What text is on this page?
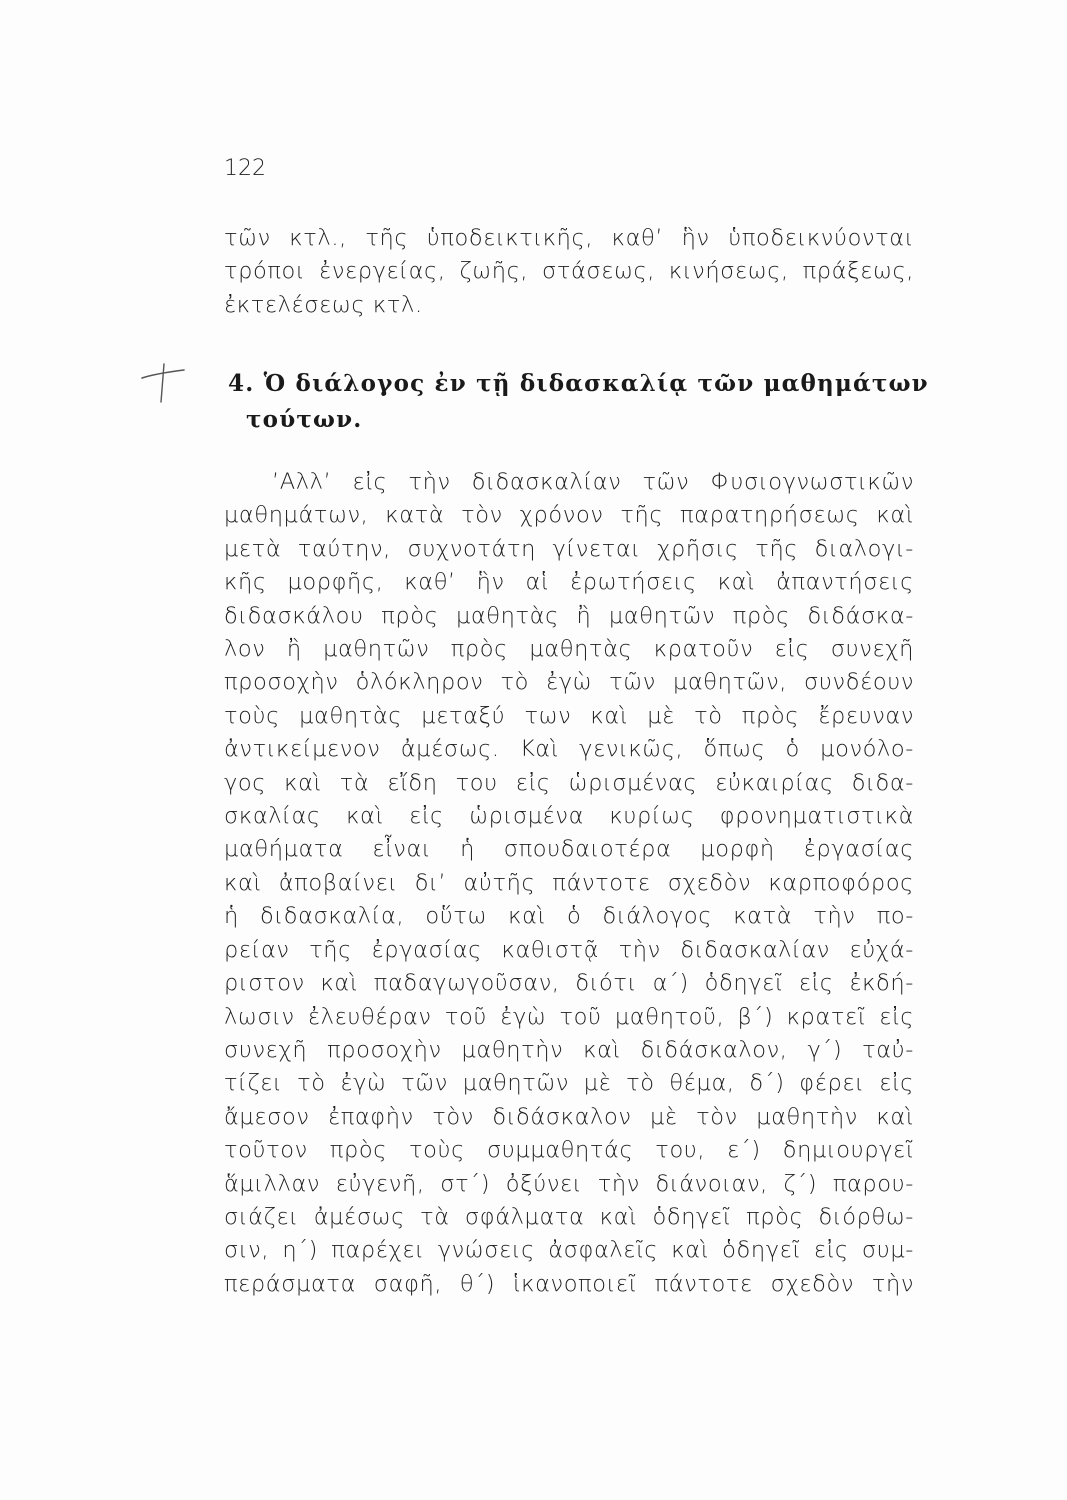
122
τῶν κτλ., τῆς ὑποδεικτικῆς, καθ’ ἣν ὑποδεικνύονται
τρόποι ἐνεργείας, ζωῆς, στάσεως, κινήσεως, πράξεως,
ἐκτελέσεως κτλ.
4. Ὁ διάλογος ἐν τῇ διδασκαλίᾳ τῶν μαθημάτων
τούτων.
’Αλλ’ εἰς τὴν διδασκαλίαν τῶν Φυσιογνωστικῶν
μαθημάτων, κατὰ τὸν χρόνον τῆς παρατηρήσεως καὶ
μετὰ ταύτην, συχνοτάτη γίνεται χρῆσις τῆς διαλογι-
κῆς μορφῆς, καθ’ ἣν αἱ ἐρωτήσεις καὶ ἀπαντήσεις
διδασκάλου πρὸς μαθητὰς ἢ μαθητῶν πρὸς διδάσκα-
λον ἢ μαθητῶν πρὸς μαθητὰς κρατοῦν εἰς συνεχῆ
προσοχὴν ὁλόκληρον τὸ ἐγὼ τῶν μαθητῶν, συνδέουν
τοὺς μαθητὰς μεταξύ των καὶ μὲ τὸ πρὸς ἔρευναν
ἀντικείμενον ἀμέσως. Καὶ γενικῶς, ὅπως ὁ μονόλο-
γος καὶ τὰ εἴδη του εἰς ὡρισμένας εὐκαιρίας διδα-
σκαλίας καὶ εἰς ὡρισμένα κυρίως φρονηματιστικὰ
μαθήματα εἶναι ἡ σπουδαιοτέρα μορφὴ ἐργασίας
καὶ ἀποβαίνει δι’ αὐτῆς πάντοτε σχεδὸν καρποφόρος
ἡ διδασκαλία, οὕτω καὶ ὁ διάλογος κατὰ τὴν πο-
ρείαν τῆς ἐργασίας καθιστᾷ τὴν διδασκαλίαν εὐχά-
ριστον καὶ παδαγωγοῦσαν, διότι α΄) ὁδηγεῖ εἰς ἐκδή-
λωσιν ἐλευθέραν τοῦ ἐγὼ τοῦ μαθητοῦ, β΄) κρατεῖ εἰς
συνεχῆ προσοχὴν μαθητὴν καὶ διδάσκαλον, γ΄) ταὐ-
τίζει τὸ ἐγὼ τῶν μαθητῶν μὲ τὸ θέμα, δ΄) φέρει εἰς
ἄμεσον ἐπαφὴν τὸν διδάσκαλον μὲ τὸν μαθητὴν καὶ
τοῦτον πρὸς τοὺς συμμαθητάς του, ε΄) δημιουργεῖ
ἅμιλλαν εὐγενῆ, στ΄) ὀξύνει τὴν διάνοιαν, ζ΄) παρου-
σιάζει ἀμέσως τὰ σφάλματα καὶ ὁδηγεῖ πρὸς διόρθω-
σιν, η΄) παρέχει γνώσεις ἀσφαλεῖς καὶ ὁδηγεῖ εἰς συμ-
περάσματα σαφῆ, θ΄) ἱκανοποιεῖ πάντοτε σχεδὸν τὴν
